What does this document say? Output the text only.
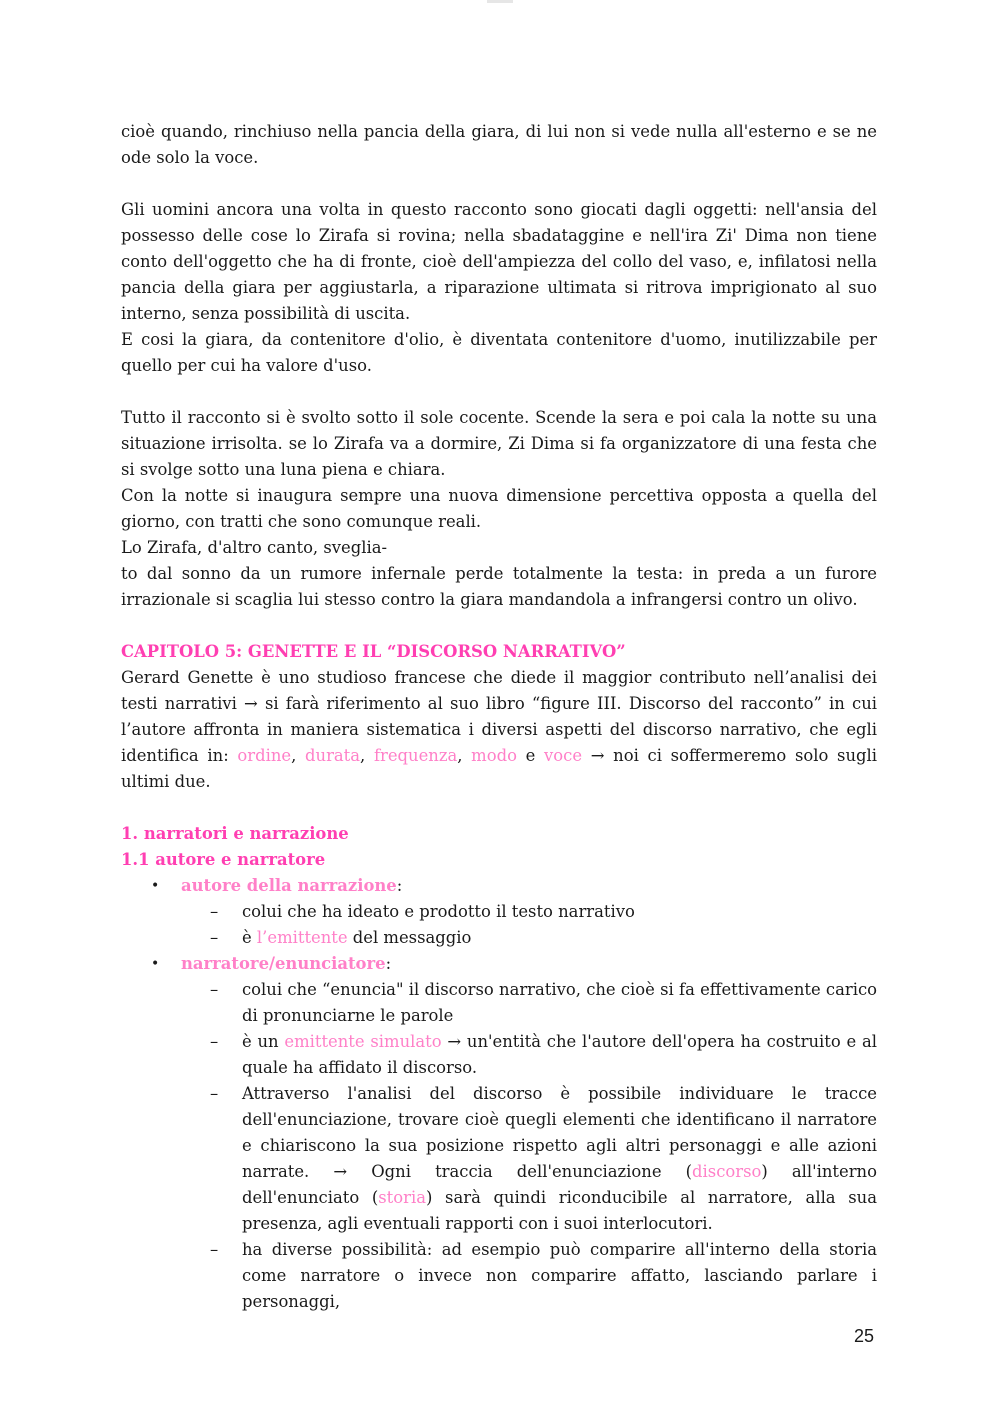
cioè quando, rinchiuso nella pancia della giara, di lui non si vede nulla all'esterno e se ne ode solo la voce.

Gli uomini ancora una volta in questo racconto sono giocati dagli oggetti: nell'ansia del possesso delle cose lo Zirafa si rovina; nella sbadataggine e nell'ira Zi' Dima non tiene conto dell'oggetto che ha di fronte, cioè dell'ampiezza del collo del vaso, e, infilatosi nella pancia della giara per aggiustarla, a riparazione ultimata si ritrova imprigionato al suo interno, senza possibilità di uscita.

E cosi la giara, da contenitore d'olio, è diventata contenitore d'uomo, inutilizzabile per quello per cui ha valore d'uso.

Tutto il racconto si è svolto sotto il sole cocente. Scende la sera e poi cala la notte su una situazione irrisolta. se lo Zirafa va a dormire, Zi Dima si fa organizzatore di una festa che si svolge sotto una luna piena e chiara.

Con la notte si inaugura sempre una nuova dimensione percettiva opposta a quella del giorno, con tratti che sono comunque reali.

Lo Zirafa, d'altro canto, sveglia-

to dal sonno da un rumore infernale perde totalmente la testa: in preda a un furore irrazionale si scaglia lui stesso contro la giara mandandola a infrangersi contro un olivo.

CAPITOLO 5: GENETTE E IL “DISCORSO NARRATIVO”

Gerard Genette è uno studioso francese che diede il maggior contributo nell’analisi dei testi narrativi → si farà riferimento al suo libro “figure III. Discorso del racconto” in cui l’autore affronta in maniera sistematica i diversi aspetti del discorso narrativo, che egli identifica in: ordine, durata, frequenza, modo e voce → noi ci soffermeremo solo sugli ultimi due.

1. narratori e narrazione

1.1 autore e narratore

• autore della narrazione:

– colui che ha ideato e prodotto il testo narrativo

– è l’emittente del messaggio

• narratore/enunciatore:

– colui che “enuncia" il discorso narrativo, che cioè si fa effettivamente carico di pronunciarne le parole

– è un emittente simulato → un'entità che l'autore dell'opera ha costruito e al quale ha affidato il discorso.

– Attraverso l'analisi del discorso è possibile individuare le tracce dell'enunciazione, trovare cioè quegli elementi che identificano il narratore e chiariscono la sua posizione rispetto agli altri personaggi e alle azioni narrate. → Ogni traccia dell'enunciazione (discorso) all'interno dell'enunciato (storia) sarà quindi riconducibile al narratore, alla sua presenza, agli eventuali rapporti con i suoi interlocutori.

– ha diverse possibilità: ad esempio può comparire all'interno della storia come narratore o invece non comparire affatto, lasciando parlare i personaggi,

25
